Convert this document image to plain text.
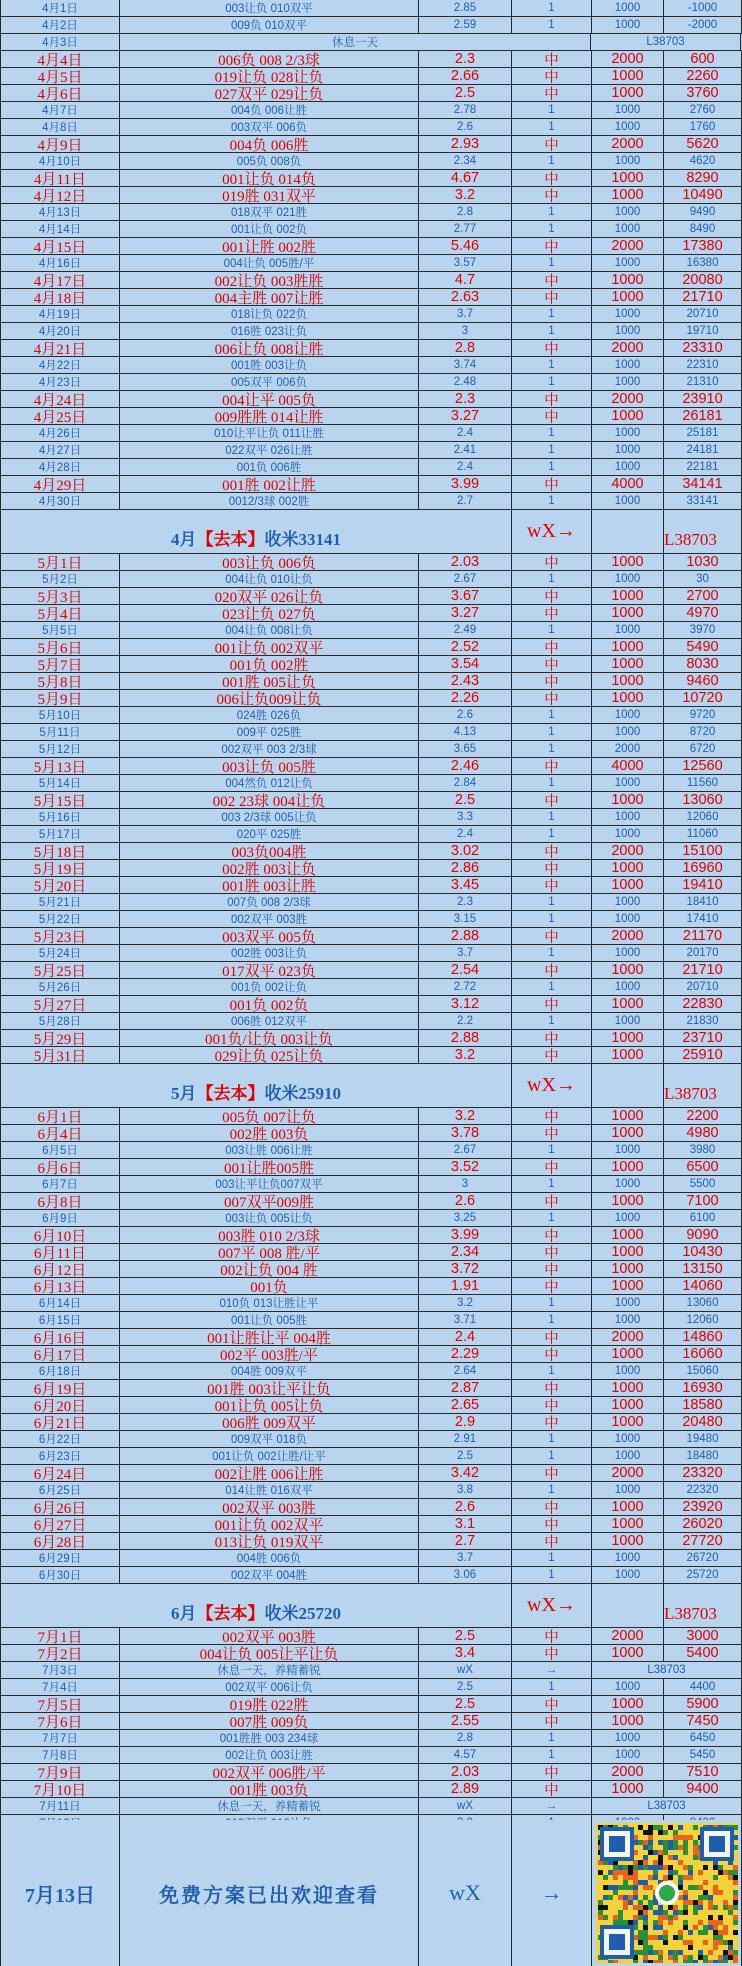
4月1日	003让负 010双平	2.85	1	1000	-1000
4月2日	009负 010双平	2.59	1	1000	-2000
4月3日	休息一天	L38703
4月4日	006负 008 2/3球	2.3	中	2000	600
4月5日	019让负 028让负	2.66	中	1000	2260
4月6日	027双平 029让负	2.5	中	1000	3760
4月7日	004负 006让胜	2.78	1	1000	2760
4月8日	003双平 006负	2.6	1	1000	1760
4月9日	004负 006胜	2.93	中	2000	5620
4月10日	005负 008负	2.34	1	1000	4620
4月11日	001让负 014负	4.67	中	1000	8290
4月12日	019胜 031双平	3.2	中	1000	10490
4月13日	018双平 021胜	2.8	1	1000	9490
4月14日	001让负 002负	2.77	1	1000	8490
4月15日	001让胜 002胜	5.46	中	2000	17380
4月16日	004让负 005胜/平	3.57	1	1000	16380
4月17日	002让负 003胜胜	4.7	中	1000	20080
4月18日	004主胜 007让胜	2.63	中	1000	21710
4月19日	018让负 022负	3.7	1	1000	20710
4月20日	016胜 023让负	3	1	1000	19710
4月21日	006让负 008让胜	2.8	中	2000	23310
4月22日	001胜 003让负	3.74	1	1000	22310
4月23日	005双平 006负	2.48	1	1000	21310
4月24日	004让平 005负	2.3	中	2000	23910
4月25日	009胜胜 014让胜	3.27	中	1000	26181
4月26日	010让平让负 011让胜	2.4	1	1000	25181
4月27日	022双平 026让胜	2.41	1	1000	24181
4月28日	001负 006胜	2.4	1	1000	22181
4月29日	001胜 002让胜	3.99	中	4000	34141
4月30日	0012/3球 002胜	2.7	1	1000	33141
4月 【去本】 收米33141	wX→	L38703
5月1日	003让负 006负	2.03	中	1000	1030
5月2日	004让负 010让负	2.67	1	1000	30
5月3日	020双平 026让负	3.67	中	1000	2700
5月4日	023让负 027负	3.27	中	1000	4970
5月5日	004让负 008让负	2.49	1	1000	3970
5月6日	001让负 002双平	2.52	中	1000	5490
5月7日	001负 002胜	3.54	中	1000	8030
5月8日	001胜 005让负	2.43	中	1000	9460
5月9日	006让负009让负	2.26	中	1000	10720
5月10日	024胜 026负	2.6	1	1000	9720
5月11日	009平 025胜	4.13	1	1000	8720
5月12日	002双平 003 2/3球	3.65	1	2000	6720
5月13日	003让负 005胜	2.46	中	4000	12560
5月14日	004然负 012让负	2.84	1	1000	11560
5月15日	002 23球 004让负	2.5	中	1000	13060
5月16日	003 2/3球 005让负	3.3	1	1000	12060
5月17日	020平 025胜	2.4	1	1000	11060
5月18日	003负004胜	3.02	中	2000	15100
5月19日	002胜 003让负	2.86	中	1000	16960
5月20日	001胜 003让胜	3.45	中	1000	19410
5月21日	007负 008 2/3球	2.3	1	1000	18410
5月22日	002双平 003胜	3.15	1	1000	17410
5月23日	003双平 005负	2.88	中	2000	21170
5月24日	002胜 003让负	3.7	1	1000	20170
5月25日	017双平 023负	2.54	中	1000	21710
5月26日	001负 002让负	2.72	1	1000	20710
5月27日	001负 002负	3.12	中	1000	22830
5月28日	006胜 012双平	2.2	1	1000	21830
5月29日	001负/让负 003让负	2.88	中	1000	23710
5月31日	029让负 025让负	3.2	中	1000	25910
5月 【去本】 收米25910	wX→	L38703
6月1日	005负 007让负	3.2	中	1000	2200
6月4日	002胜 003负	3.78	中	1000	4980
6月5日	003让胜 006让胜	2.67	1	1000	3980
6月6日	001让胜005胜	3.52	中	1000	6500
6月7日	003让平让负007双平	3	1	1000	5500
6月8日	007双平009胜	2.6	中	1000	7100
6月9日	003让负 005让负	3.25	1	1000	6100
6月10日	003胜 010 2/3球	3.99	中	1000	9090
6月11日	007平 008 胜/平	2.34	中	1000	10430
6月12日	002让负 004 胜	3.72	中	1000	13150
6月13日	001负	1.91	中	1000	14060
6月14日	010负 013让胜让平	3.2	1	1000	13060
6月15日	001让负 005胜	3.71	1	1000	12060
6月16日	001让胜让平 004胜	2.4	中	2000	14860
6月17日	002平 003胜/平	2.29	中	1000	16060
6月18日	004胜 009双平	2.64	1	1000	15060
6月19日	001胜 003让平让负	2.87	中	1000	16930
6月20日	001让负 005让负	2.65	中	1000	18580
6月21日	006胜 009双平	2.9	中	1000	20480
6月22日	009双平 018负	2.91	1	1000	19480
6月23日	001让负 002让胜/让平	2.5	1	1000	18480
6月24日	002让胜 006让胜	3.42	中	2000	23320
6月25日	014让胜 016双平	3.8	1	1000	22320
6月26日	002双平 003胜	2.6	中	1000	23920
6月27日	001让负 002双平	3.1	中	1000	26020
6月28日	013让负 019双平	2.7	中	1000	27720
6月29日	004胜 006负	3.7	1	1000	26720
6月30日	002双平 004胜	3.06	1	1000	25720
6月 【去本】 收米25720	wX→	L38703
7月1日	002双平 003胜	2.5	中	2000	3000
7月2日	004让负 005让平让负	3.4	中	1000	5400
7月3日	休息一天，养精蓄锐	wX	→	L38703
7月4日	002双平 006让负	2.5	1	1000	4400
7月5日	019胜 022胜	2.5	中	1000	5900
7月6日	007胜 009负	2.55	中	1000	7450
7月7日	001胜胜 003 234球	2.8	1	1000	6450
7月8日	002让负 003让胜	4.57	1	1000	5450
7月9日	002双平 006胜/平	2.03	中	2000	7510
7月10日	001胜 003负	2.89	中	1000	9400
7月11日	休息一天，养精蓄锐	wX	→	L38703
7月13日	免费方案已出欢迎查看	wX	→
